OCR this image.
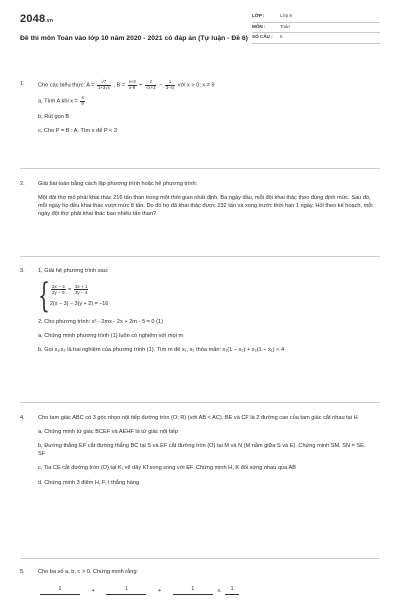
2048.vn
Đề thi môn Toán vào lớp 10 năm 2020 - 2021 có đáp án (Tự luận - Đề 6)
LỚP :	Lớp 9
MÔN :	Toán
SỐ CÂU :	5
1. Cho các biểu thức: $A = \frac{√7}{1+3√x}$ , $B = \frac{x+3}{x-9} + \frac{2}{√x+3} - \frac{1}{3-√x}$ với x > 0; x ≠ 9
a, Tính A khi $x = \frac{4}{9}$
b, Rút gọn B
c, Cho P = B : A. Tìm x để P < 3
2. Giải bài toán bằng cách lập phương trình hoặc hệ phương trình:
Một đội thợ mỏ phải khai thác 216 tấn than trong một thời gian nhất định. Ba ngày đầu, mỗi đội khai thác theo đúng định mức. Sau đó, mỗi ngày họ đều khai thác vượt mức 8 tấn. Do đó họ đã khai thác được 232 tấn và xong trước thời hạn 1 ngày. Hỏi theo kế hoạch, mỗi ngày đội thợ phải khai thác bao nhiêu tấn than?
3. 1, Giải hệ phương trình sau:
{ $\frac{2x - 3}{2y - 5} = \frac{3x + 1}{3y - 4}$
2(x − 3) − 3(y + 2) = −16
2, Cho phương trình: x² - 2mx - 2x + 2m - 5 = 0 (1)
a, Chứng minh phương trình (1) luôn có nghiệm với mọi m
b, Gọi x₁,x₂ là hai nghiệm của phương trình (1). Tìm m để x₁, x₂ thỏa mãn: x₁(1 − x₂) + x₂(1 − x₁) < 4
4. Cho tam giác ABC có 3 góc nhọn nội tiếp đường tròn (O; R) (với AB < AC). BE và CF là 2 đường cao của tam giác cắt nhau tại H
a, Chứng minh tứ giác BCEF và AEHF là tứ giác nội tiếp
b, Đường thẳng EF cắt đường thẳng BC tại S và EF cắt đường tròn (O) tại M và N (M nằm giữa S và E). Chứng minh SM. SN = SE. SF
c, Tia CE cắt đường tròn (O) tại K, vẽ dây KI song song với EF. Chứng minh H, K đối xứng nhau qua AB
d, Chứng minh 3 điểm H, F, I thẳng hàng
5. Cho ba số a, b, c > 0. Chứng minh rằng:
1	+	1	+	1	≤	1
